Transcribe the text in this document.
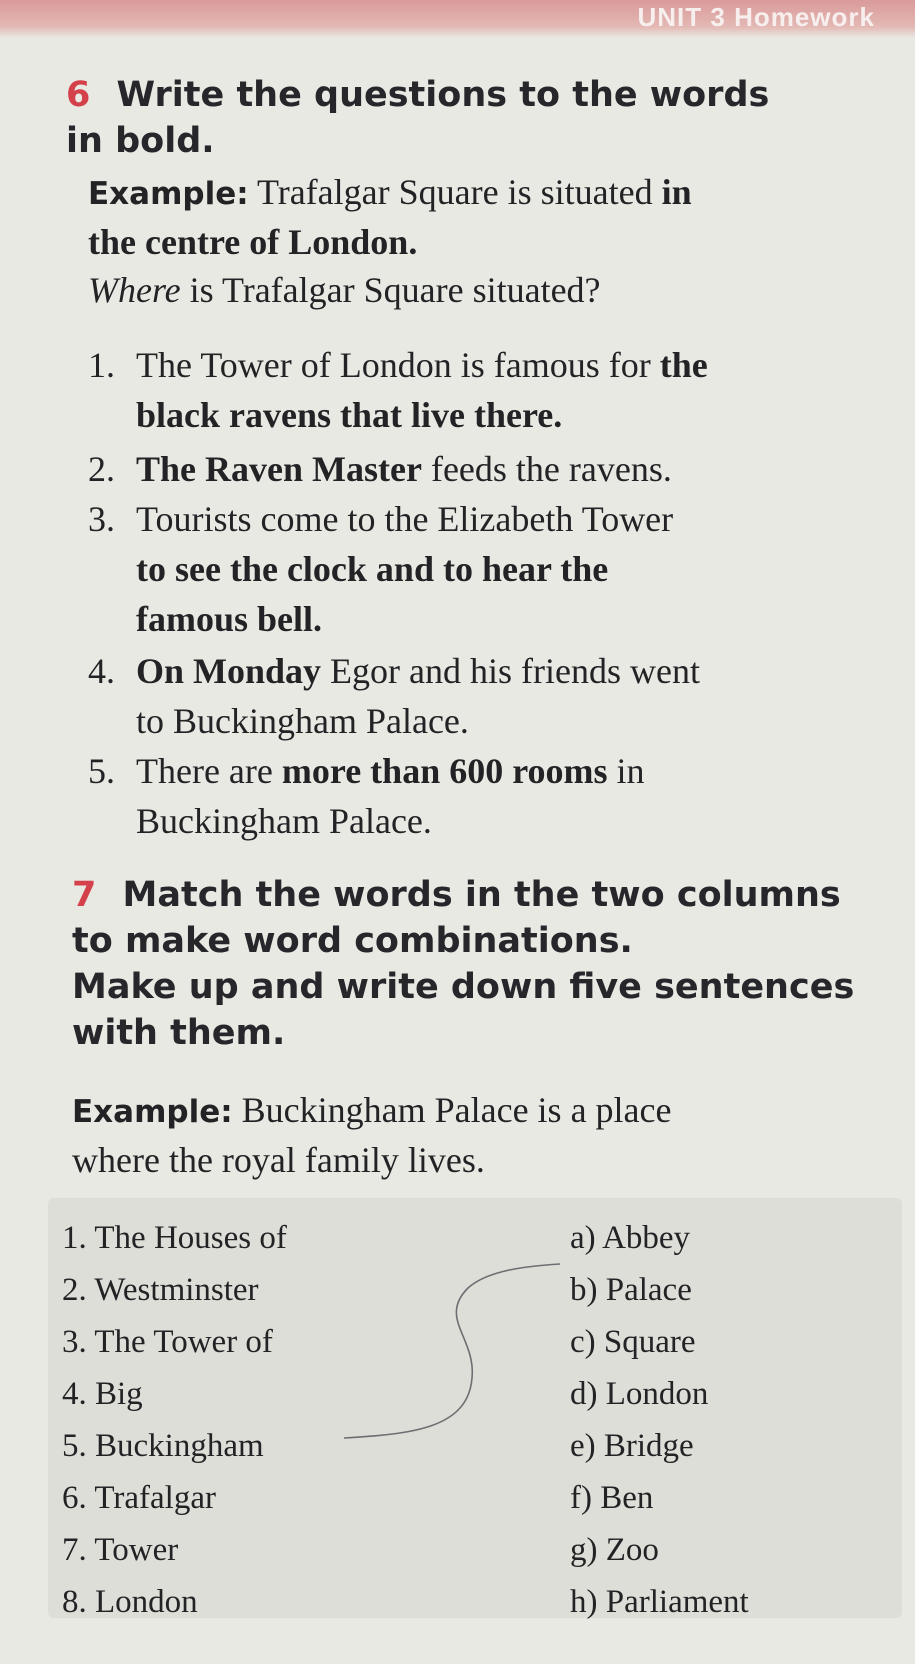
UNIT 3 Homework
6 Write the questions to the words
in bold.
Example: Trafalgar Square is situated in
the centre of London.
Where is Trafalgar Square situated?
1. The Tower of London is famous for the
black ravens that live there.
2. The Raven Master feeds the ravens.
3. Tourists come to the Elizabeth Tower
to see the clock and to hear the
famous bell.
4. On Monday Egor and his friends went
to Buckingham Palace.
5. There are more than 600 rooms in
Buckingham Palace.
7 Match the words in the two columns
to make word combinations.
Make up and write down five sentences
with them.
Example: Buckingham Palace is a place
where the royal family lives.
1. The Houses of
2. Westminster
3. The Tower of
4. Big
5. Buckingham
6. Trafalgar
7. Tower
8. London
a) Abbey
b) Palace
c) Square
d) London
e) Bridge
f) Ben
g) Zoo
h) Parliament
